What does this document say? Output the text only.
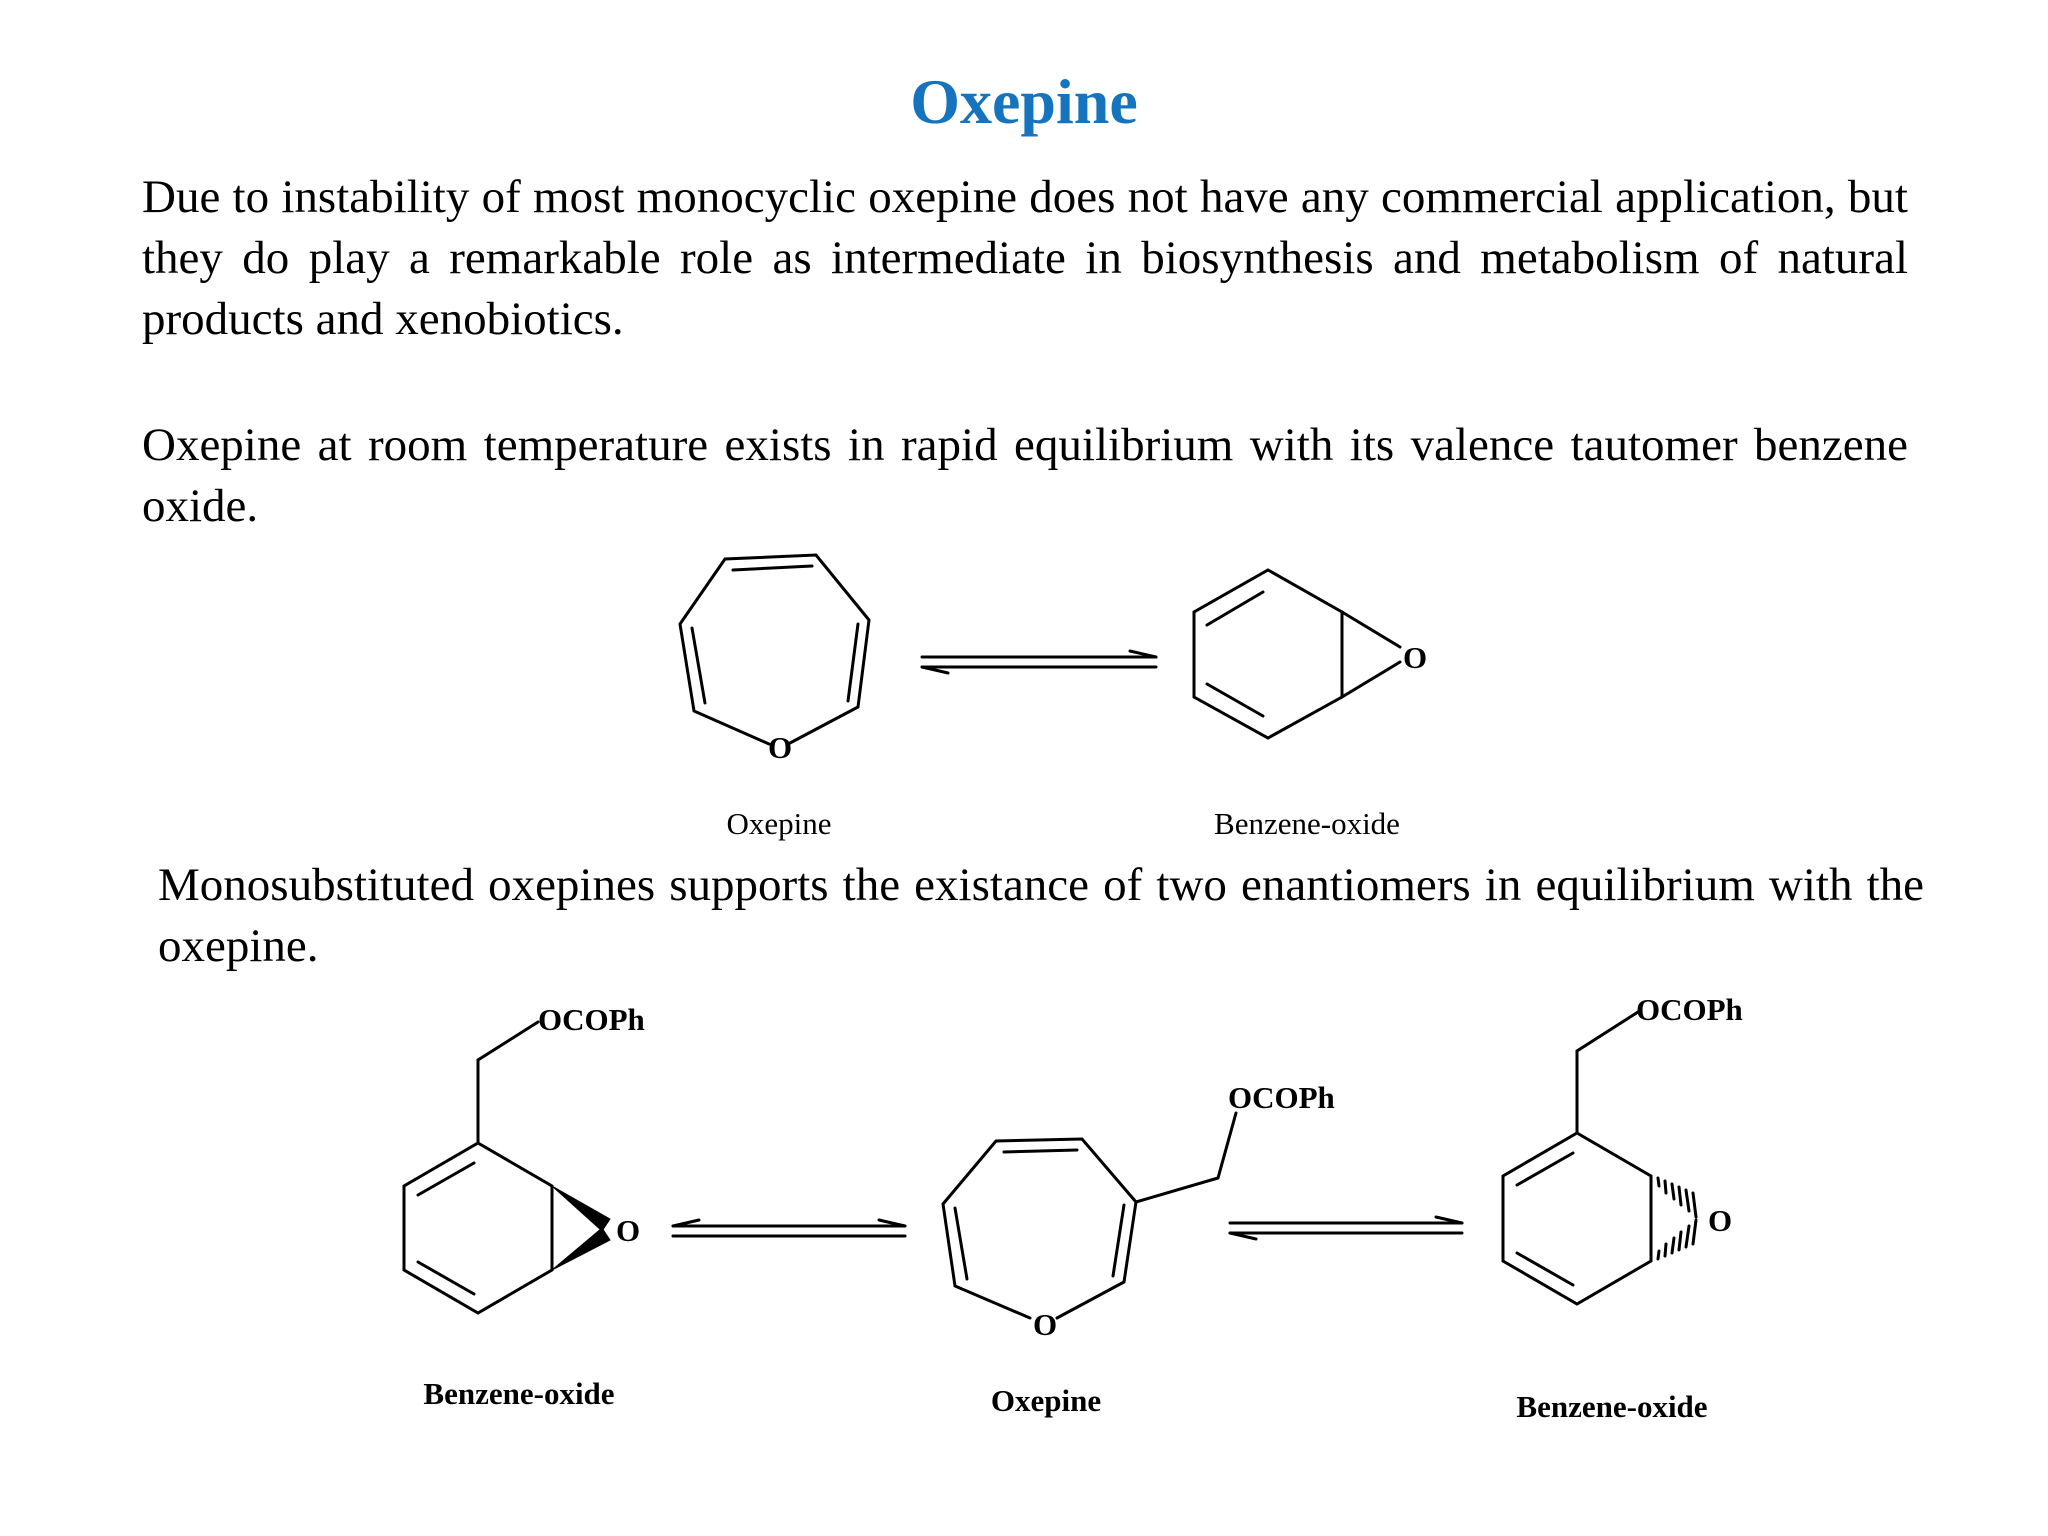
Oxepine
Due to instability of most monocyclic oxepine does not have any commercial application, but they do play a remarkable role as intermediate in biosynthesis and metabolism of natural products and xenobiotics.
Oxepine at room temperature exists in rapid equilibrium with its valence tautomer benzene oxide.
Monosubstituted oxepines supports the existance of two enantiomers in equilibrium with the oxepine.
O
O
Oxepine	Benzene-oxide
OCOPh
O
OCOPh
O
OCOPh
O
Benzene-oxide	Oxepine	Benzene-oxide
